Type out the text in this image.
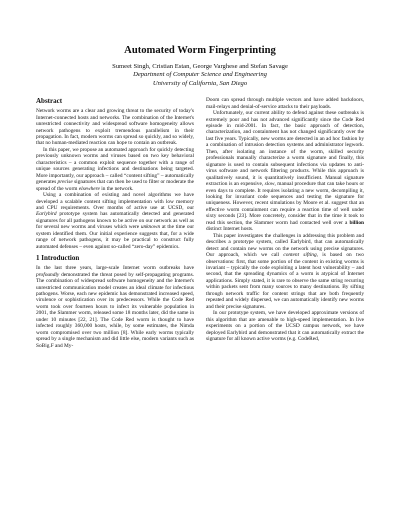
Automated Worm Fingerprinting
Sumeet Singh, Cristian Estan, George Varghese and Stefan Savage
Department of Computer Science and Engineering
University of California, San Diego
Abstract

Network worms are a clear and growing threat to the security of today's Internet-connected hosts and networks. The combination of the Internet's unrestricted connectivity and widespread software homogeneity allows network pathogens to exploit tremendous parallelism in their propagation. In fact, modern worms can spread so quickly, and so widely, that no human-mediated reaction can hope to contain an outbreak.

In this paper, we propose an automated approach for quickly detecting previously unknown worms and viruses based on two key behavioral characteristics – a common exploit sequence together with a range of unique sources generating infections and destinations being targeted. More importantly, our approach – called “content sifting” – automatically generates precise signatures that can then be used to filter or moderate the spread of the worm elsewhere in the network.

Using a combination of existing and novel algorithms we have developed a scalable content sifting implementation with low memory and CPU requirements. Over months of active use at UCSD, our Earlybird prototype system has automatically detected and generated signatures for all pathogens known to be active on our network as well as for several new worms and viruses which were unknown at the time our system identified them. Our initial experience suggests that, for a wide range of network pathogens, it may be practical to construct fully automated defenses – even against so-called “zero-day” epidemics.

1 Introduction

In the last three years, large-scale Internet worm outbreaks have profoundly demonstrated the threat posed by self-propagating programs. The combination of widespread software homogeneity and the Internet's unrestricted communication model creates an ideal climate for infectious pathogens. Worse, each new epidemic has demonstrated increased speed, virulence or sophistication over its predecessors. While the Code Red worm took over fourteen hours to infect its vulnerable population in 2001, the Slammer worm, released some 18 months later, did the same in under 10 minutes [22, 21]. The Code Red worm is thought to have infected roughly 360,000 hosts, while, by some estimates, the Nimda worm compromised over two million [8]. While early worms typically spread by a single mechanism and did little else, modern variants such as SoBig.F and My-

Doom can spread through multiple vectors and have added backdoors, mail-relays and denial-of-service attacks to their payloads.

Unfortunately, our current ability to defend against these outbreaks is extremely poor and has not advanced significantly since the Code Red episode in mid-2001. In fact, the basic approach of detection, characterization, and containment has not changed significantly over the last five years. Typically, new worms are detected in an ad hoc fashion by a combination of intrusion detection systems and administrator legwork. Then, after isolating an instance of the worm, skilled security professionals manually characterize a worm signature and finally, this signature is used to contain subsequent infections via updates to anti-virus software and network filtering products. While this approach is qualitatively sound, it is quantitatively insufficient. Manual signature extraction is an expensive, slow, manual procedure that can take hours or even days to complete. It requires isolating a new worm, decompiling it, looking for invariant code sequences and testing the signature for uniqueness. However, recent simulations by Moore et al. suggest that an effective worm containment can require a reaction time of well under sixty seconds [23]. More concretely, consider that in the time it took to read this section, the Slammer worm had contacted well over a billion distinct Internet hosts.

This paper investigates the challenges in addressing this problem and describes a prototype system, called Earlybird, that can automatically detect and contain new worms on the network using precise signatures. Our approach, which we call content sifting, is based on two observations: first, that some portion of the content in existing worms is invariant – typically the code exploiting a latent host vulnerability – and second, that the spreading dynamics of a worm is atypical of Internet applications. Simply stated, it is rare to observe the same string recurring within packets sent from many sources to many destinations. By sifting through network traffic for content strings that are both frequently repeated and widely dispersed, we can automatically identify new worms and their precise signatures.

In our prototype system, we have developed approximate versions of this algorithm that are amenable to high-speed implementation. In live experiments on a portion of the UCSD campus network, we have deployed Earlybird and demonstrated that it can automatically extract the signature for all known active worms (e.g. CodeRed,
